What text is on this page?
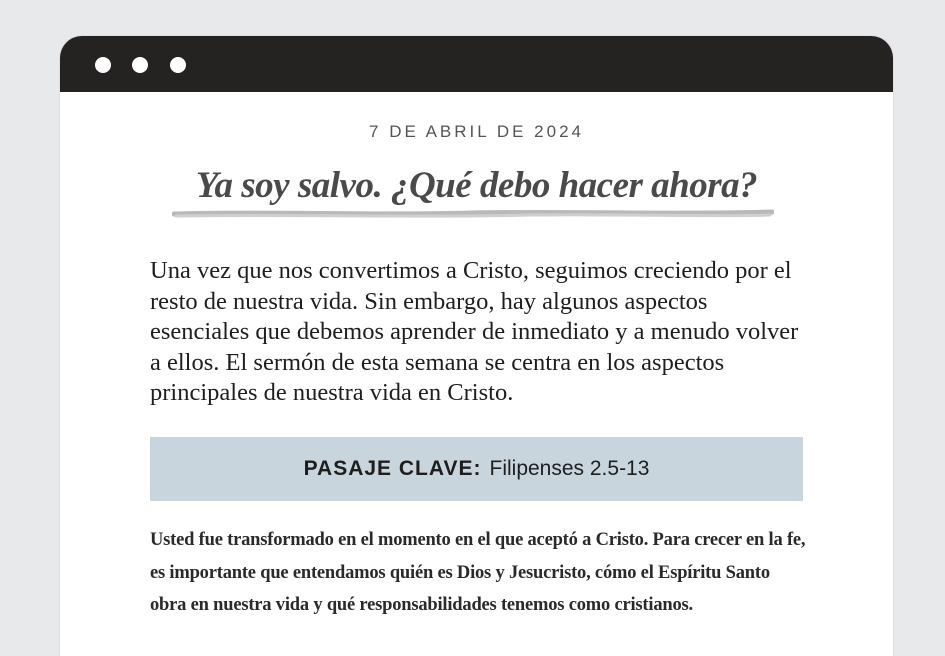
7 DE ABRIL DE 2024
Ya soy salvo. ¿Qué debo hacer ahora?

Una vez que nos convertimos a Cristo, seguimos creciendo por el resto de nuestra vida. Sin embargo, hay algunos aspectos esenciales que debemos aprender de inmediato y a menudo volver a ellos. El sermón de esta semana se centra en los aspectos principales de nuestra vida en Cristo.

PASAJE CLAVE: Filipenses 2.5-13

Usted fue transformado en el momento en el que aceptó a Cristo. Para crecer en la fe, es importante que entendamos quién es Dios y Jesucristo, cómo el Espíritu Santo obra en nuestra vida y qué responsabilidades tenemos como cristianos.
